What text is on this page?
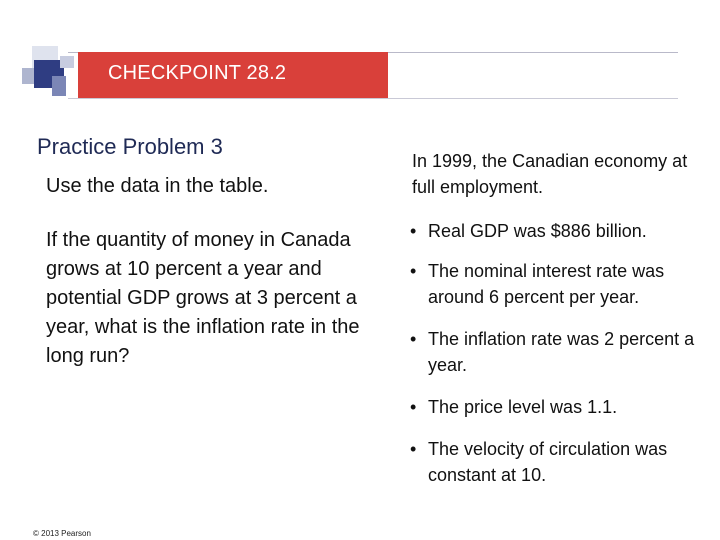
CHECKPOINT 28.2
Practice Problem 3
Use the data in the table.
If the quantity of money in Canada grows at 10 percent a year and potential GDP grows at 3 percent a year, what is the inflation rate in the long run?
In 1999, the Canadian economy at full employment.
• Real GDP was $886 billion.
• The nominal interest rate was around 6 percent per year.
• The inflation rate was 2 percent a year.
• The price level was 1.1.
• The velocity of circulation was constant at 10.
© 2013 Pearson
